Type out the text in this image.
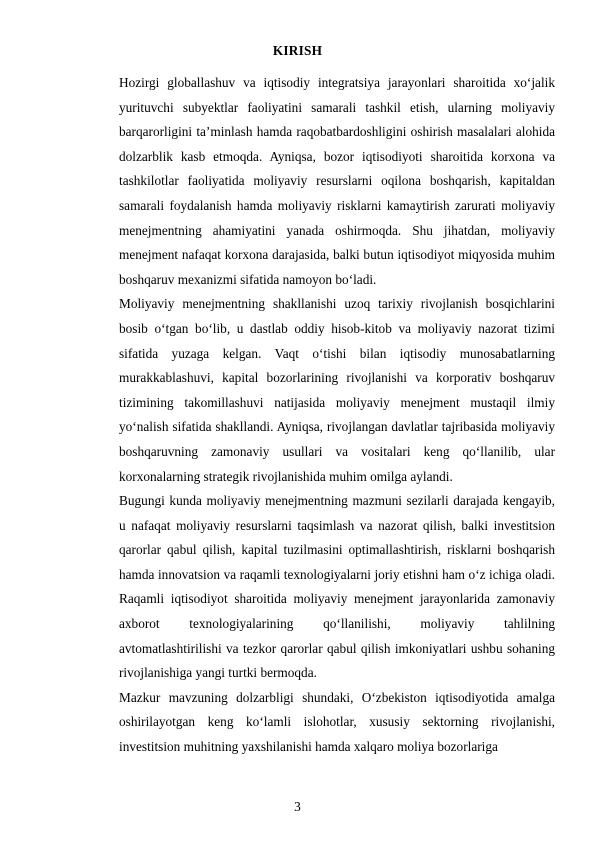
KIRISH

Hozirgi globallashuv va iqtisodiy integratsiya jarayonlari sharoitida xo‘jalik yurituvchi subyektlar faoliyatini samarali tashkil etish, ularning moliyaviy barqarorligini ta’minlash hamda raqobatbardoshligini oshirish masalalari alohida dolzarblik kasb etmoqda. Ayniqsa, bozor iqtisodiyoti sharoitida korxona va tashkilotlar faoliyatida moliyaviy resurslarni oqilona boshqarish, kapitaldan samarali foydalanish hamda moliyaviy risklarni kamaytirish zarurati moliyaviy menejmentning ahamiyatini yanada oshirmoqda. Shu jihatdan, moliyaviy menejment nafaqat korxona darajasida, balki butun iqtisodiyot miqyosida muhim boshqaruv mexanizmi sifatida namoyon bo‘ladi.

Moliyaviy menejmentning shakllanishi uzoq tarixiy rivojlanish bosqichlarini bosib o‘tgan bo‘lib, u dastlab oddiy hisob-kitob va moliyaviy nazorat tizimi sifatida yuzaga kelgan. Vaqt o‘tishi bilan iqtisodiy munosabatlarning murakkablashuvi, kapital bozorlarining rivojlanishi va korporativ boshqaruv tizimining takomillashuvi natijasida moliyaviy menejment mustaqil ilmiy yo‘nalish sifatida shakllandi. Ayniqsa, rivojlangan davlatlar tajribasida moliyaviy boshqaruvning zamonaviy usullari va vositalari keng qo‘llanilib, ular korxonalarning strategik rivojlanishida muhim omilga aylandi.

Bugungi kunda moliyaviy menejmentning mazmuni sezilarli darajada kengayib, u nafaqat moliyaviy resurslarni taqsimlash va nazorat qilish, balki investitsion qarorlar qabul qilish, kapital tuzilmasini optimallashtirish, risklarni boshqarish hamda innovatsion va raqamli texnologiyalarni joriy etishni ham o‘z ichiga oladi. Raqamli iqtisodiyot sharoitida moliyaviy menejment jarayonlarida zamonaviy axborot texnologiyalarining qo‘llanilishi, moliyaviy tahlilning avtomatlashtirilishi va tezkor qarorlar qabul qilish imkoniyatlari ushbu sohaning rivojlanishiga yangi turtki bermoqda.

Mazkur mavzuning dolzarbligi shundaki, O‘zbekiston iqtisodiyotida amalga oshirilayotgan keng ko‘lamli islohotlar, xususiy sektorning rivojlanishi, investitsion muhitning yaxshilanishi hamda xalqaro moliya bozorlariga

3
